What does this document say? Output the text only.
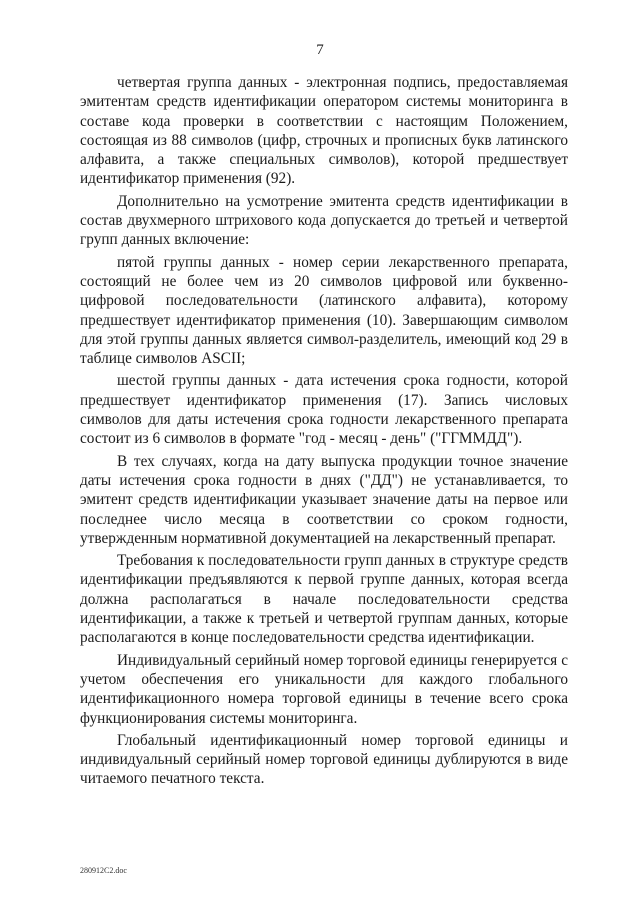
7

четвертая группа данных - электронная подпись, предоставляемая эмитентам средств идентификации оператором системы мониторинга в составе кода проверки в соответствии с настоящим Положением, состоящая из 88 символов (цифр, строчных и прописных букв латинского алфавита, а также специальных символов), которой предшествует идентификатор применения (92).

Дополнительно на усмотрение эмитента средств идентификации в состав двухмерного штрихового кода допускается до третьей и четвертой групп данных включение:

пятой группы данных - номер серии лекарственного препарата, состоящий не более чем из 20 символов цифровой или буквенно-цифровой последовательности (латинского алфавита), которому предшествует идентификатор применения (10). Завершающим символом для этой группы данных является символ-разделитель, имеющий код 29 в таблице символов ASCII;

шестой группы данных - дата истечения срока годности, которой предшествует идентификатор применения (17). Запись числовых символов для даты истечения срока годности лекарственного препарата состоит из 6 символов в формате "год - месяц - день" ("ГГММДД").

В тех случаях, когда на дату выпуска продукции точное значение даты истечения срока годности в днях ("ДД") не устанавливается, то эмитент средств идентификации указывает значение даты на первое или последнее число месяца в соответствии со сроком годности, утвержденным нормативной документацией на лекарственный препарат.

Требования к последовательности групп данных в структуре средств идентификации предъявляются к первой группе данных, которая всегда должна располагаться в начале последовательности средства идентификации, а также к третьей и четвертой группам данных, которые располагаются в конце последовательности средства идентификации.

Индивидуальный серийный номер торговой единицы генерируется с учетом обеспечения его уникальности для каждого глобального идентификационного номера торговой единицы в течение всего срока функционирования системы мониторинга.

Глобальный идентификационный номер торговой единицы и индивидуальный серийный номер торговой единицы дублируются в виде читаемого печатного текста.

280912C2.doc
